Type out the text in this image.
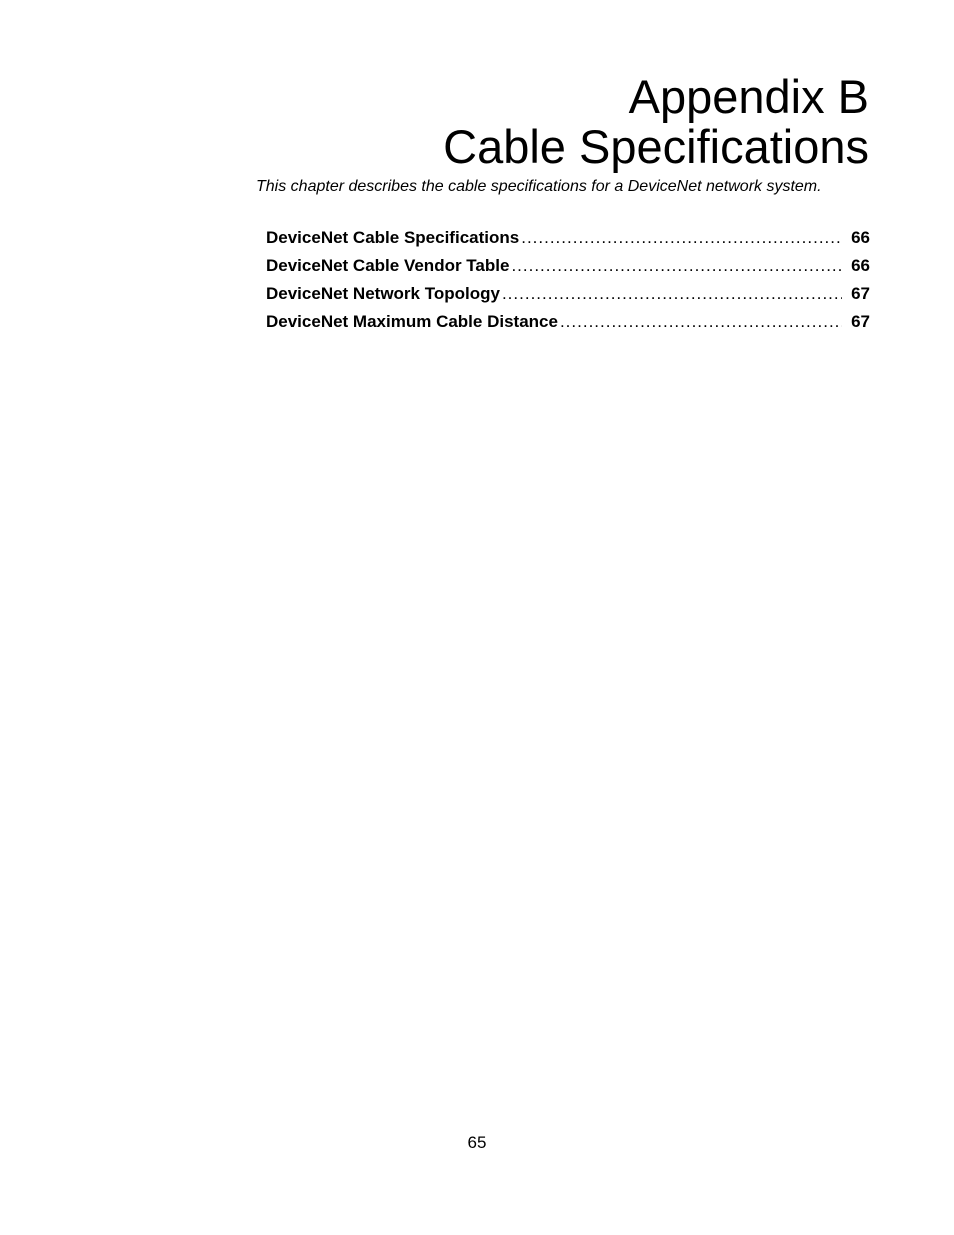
Appendix B
Cable Specifications
This chapter describes the cable specifications for a DeviceNet network system.
DeviceNet Cable Specifications .....	66
DeviceNet Cable Vendor Table .....	66
DeviceNet Network Topology .....	67
DeviceNet Maximum Cable Distance .....	67
65
